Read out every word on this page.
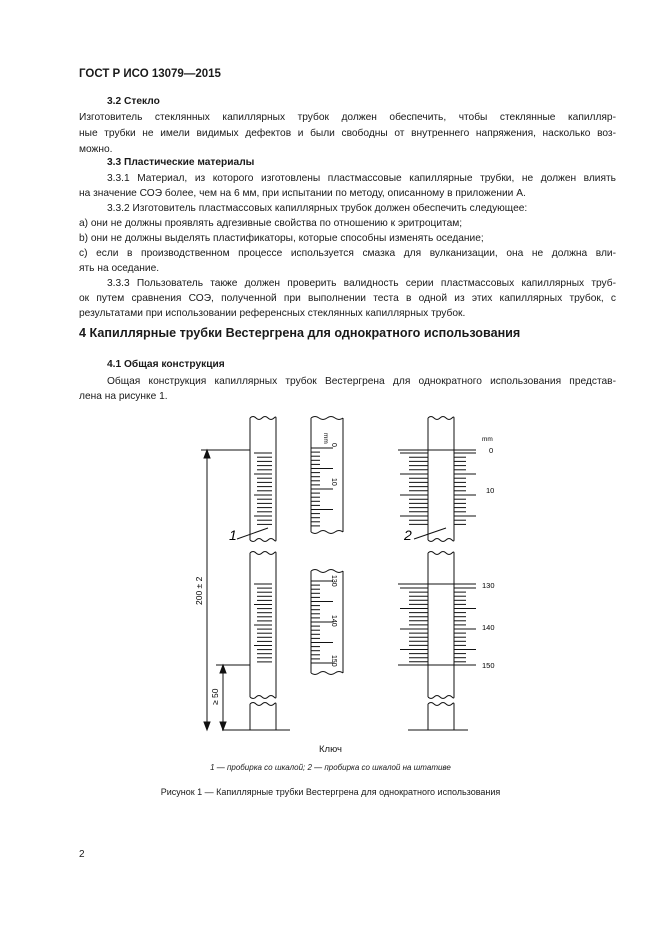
ГОСТ Р ИСО 13079—2015
3.2 Стекло
Изготовитель стеклянных капиллярных трубок должен обеспечить, чтобы стеклянные капилляр-
ные трубки не имели видимых дефектов и были свободны от внутреннего напряжения, насколько воз-
можно.
3.3 Пластические материалы
3.3.1 Материал, из которого изготовлены пластмассовые капиллярные трубки, не должен влиять
на значение СОЭ более, чем на 6 мм, при испытании по методу, описанному в приложении А.
3.3.2 Изготовитель пластмассовых капиллярных трубок должен обеспечить следующее:
a) они не должны проявлять адгезивные свойства по отношению к эритроцитам;
b) они не должны выделять пластификаторы, которые способны изменять оседание;
c) если в производственном процессе используется смазка для вулканизации, она не должна вли-
ять на оседание.
3.3.3 Пользователь также должен проверить валидность серии пластмассовых капиллярных труб-
ок путем сравнения СОЭ, полученной при выполнении теста в одной из этих капиллярных трубок, с
результатами при использовании референсных стеклянных капиллярных трубок.
4 Капиллярные трубки Вестергрена для однократного использования
4.1 Общая конструкция
Общая конструкция капиллярных трубок Вестергрена для однократного использования представ-
лена на рисунке 1.
200 ± 2
≥ 50
1	2
mm
0
10
130
140
150
mm
0
10
130
140
150
Ключ
1 — пробирка со шкалой; 2 — пробирка со шкалой на штативе
Рисунок 1 — Капиллярные трубки Вестергрена для однократного использования
2
